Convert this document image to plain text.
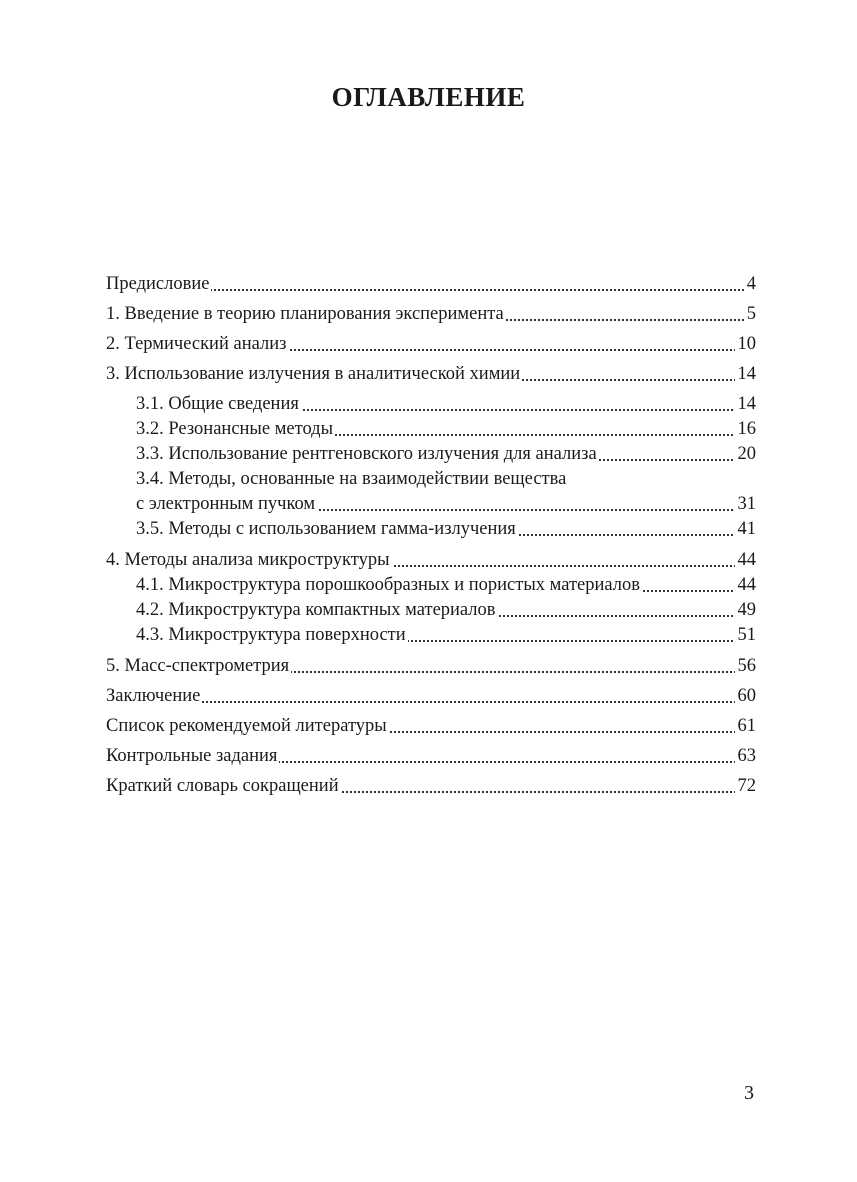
ОГЛАВЛЕНИЕ
Предисловие	4
1. Введение в теорию планирования эксперимента	5
2. Термический анализ	10
3. Использование излучения в аналитической химии	14
3.1. Общие сведения	14
3.2. Резонансные методы	16
3.3. Использование рентгеновского излучения для анализа	20
3.4. Методы, основанные на взаимодействии вещества
с электронным пучком	31
3.5. Методы с использованием гамма-излучения	41
4. Методы анализа микроструктуры	44
4.1. Микроструктура порошкообразных и пористых материалов	44
4.2. Микроструктура компактных материалов	49
4.3. Микроструктура поверхности	51
5. Масс-спектрометрия	56
Заключение	60
Список рекомендуемой литературы	61
Контрольные задания	63
Краткий словарь сокращений	72
3
